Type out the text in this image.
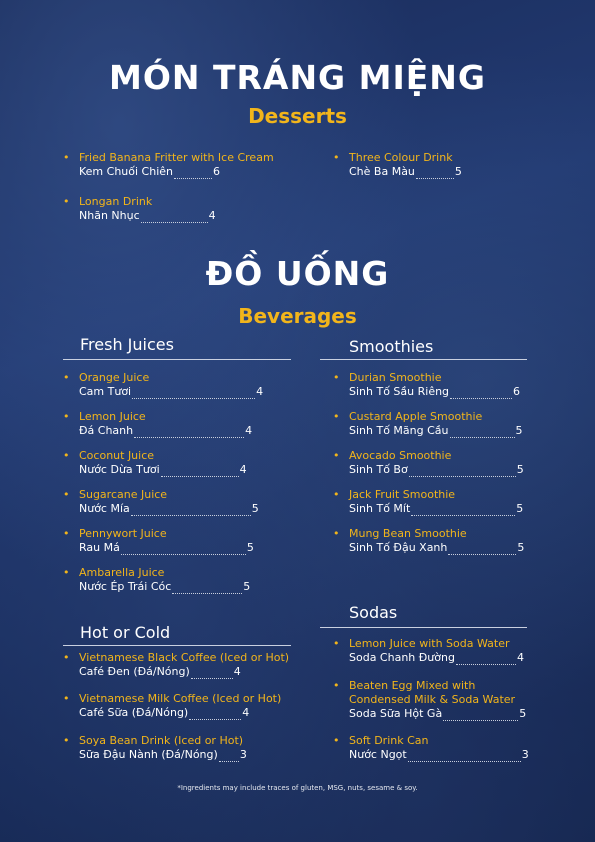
MÓN TRÁNG MIỆNG
Desserts
• Fried Banana Fritter with Ice Cream
Kem Chuối Chiên	6
• Longan Drink
Nhãn Nhục	4
• Three Colour Drink
Chè Ba Màu	5
ĐỒ UỐNG
Beverages
Fresh Juices
• Orange Juice
Cam Tươi	4
• Lemon Juice
Đá Chanh	4
• Coconut Juice
Nước Dừa Tươi	4
• Sugarcane Juice
Nước Mía	5
• Pennywort Juice
Rau Má	5
• Ambarella Juice
Nước Ép Trái Cóc	5
Hot or Cold
• Vietnamese Black Coffee (Iced or Hot)
Café Đen (Đá/Nóng)	4
• Vietnamese Milk Coffee (Iced or Hot)
Café Sữa (Đá/Nóng)	4
• Soya Bean Drink (Iced or Hot)
Sữa Đậu Nành (Đá/Nóng) 3
Smoothies
• Durian Smoothie
Sinh Tố Sầu Riêng	6
• Custard Apple Smoothie
Sinh Tố Mãng Cầu	5
• Avocado Smoothie
Sinh Tố Bơ	5
• Jack Fruit Smoothie
Sinh Tố Mít	5
• Mung Bean Smoothie
Sinh Tố Đậu Xanh	5
Sodas
• Lemon Juice with Soda Water
Soda Chanh Đường	4
• Beaten Egg Mixed with
Condensed Milk & Soda Water
Soda Sữa Hột Gà	5
• Soft Drink Can
Nước Ngọt	3
*Ingredients may include traces of gluten, MSG, nuts, sesame & soy.
